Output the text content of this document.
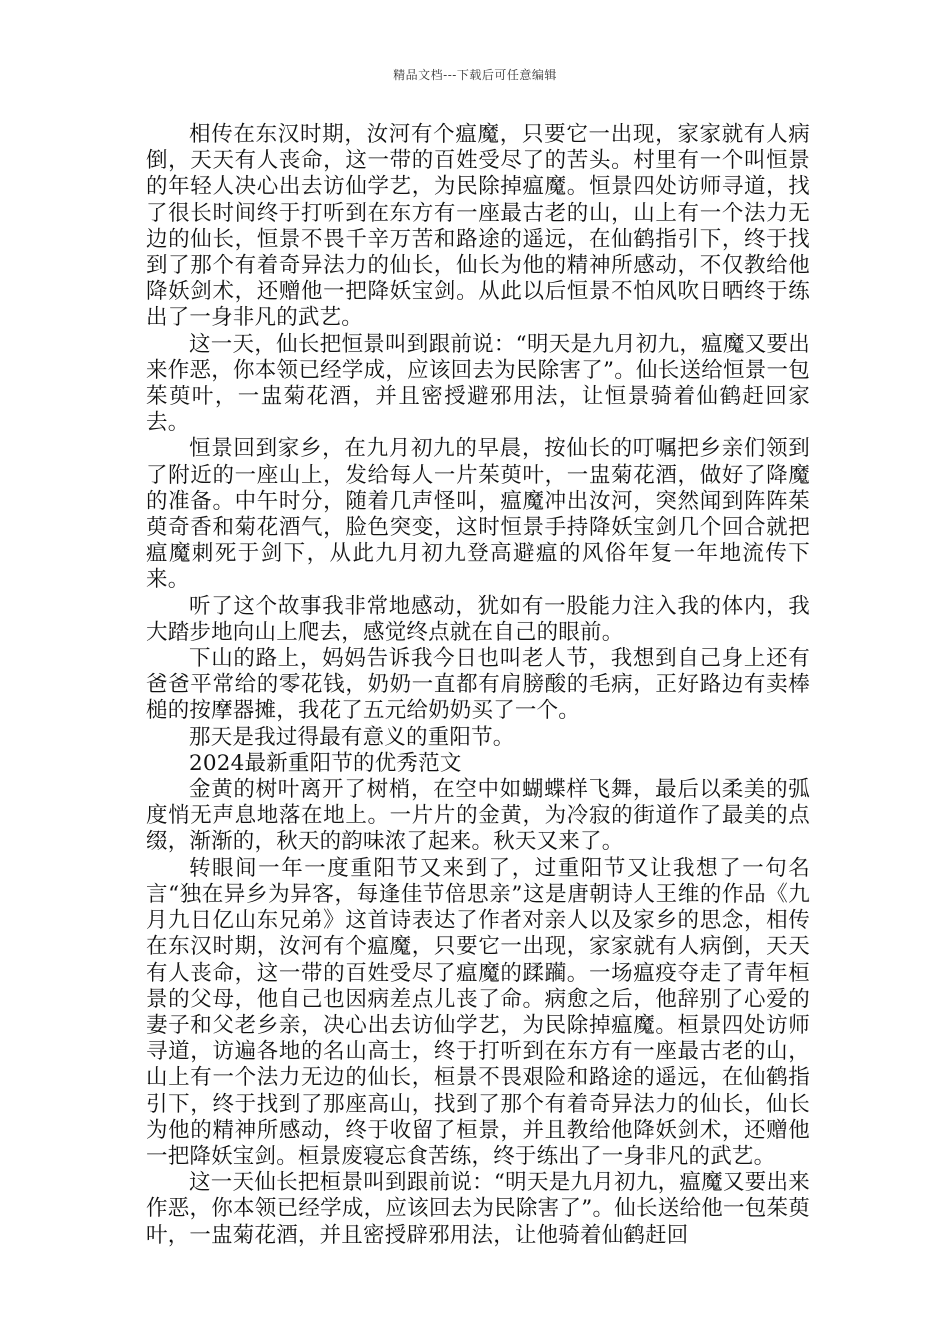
精品文档---下载后可任意编辑

相传在东汉时期，汝河有个瘟魔，只要它一出现，家家就有人病倒，天天有人丧命，这一带的百姓受尽了的苦头。村里有一个叫恒景的年轻人决心出去访仙学艺，为民除掉瘟魔。恒景四处访师寻道，找了很长时间终于打听到在东方有一座最古老的山，山上有一个法力无边的仙长，恒景不畏千辛万苦和路途的遥远，在仙鹤指引下，终于找到了那个有着奇异法力的仙长，仙长为他的精神所感动，不仅教给他降妖剑术，还赠他一把降妖宝剑。从此以后恒景不怕风吹日晒终于练出了一身非凡的武艺。

这一天，仙长把恒景叫到跟前说：“明天是九月初九，瘟魔又要出来作恶，你本领已经学成，应该回去为民除害了”。仙长送给恒景一包茱萸叶，一盅菊花酒，并且密授避邪用法，让恒景骑着仙鹤赶回家去。

恒景回到家乡，在九月初九的早晨，按仙长的叮嘱把乡亲们领到了附近的一座山上，发给每人一片茱萸叶，一盅菊花酒，做好了降魔的准备。中午时分，随着几声怪叫，瘟魔冲出汝河，突然闻到阵阵茱萸奇香和菊花酒气，脸色突变，这时恒景手持降妖宝剑几个回合就把瘟魔刺死于剑下，从此九月初九登高避瘟的风俗年复一年地流传下来。

听了这个故事我非常地感动，犹如有一股能力注入我的体内，我大踏步地向山上爬去，感觉终点就在自己的眼前。

下山的路上，妈妈告诉我今日也叫老人节，我想到自己身上还有爸爸平常给的零花钱，奶奶一直都有肩膀酸的毛病，正好路边有卖棒槌的按摩器摊，我花了五元给奶奶买了一个。

那天是我过得最有意义的重阳节。

2024最新重阳节的优秀范文

金黄的树叶离开了树梢，在空中如蝴蝶样飞舞，最后以柔美的弧度悄无声息地落在地上。一片片的金黄，为冷寂的街道作了最美的点缀，渐渐的，秋天的韵味浓了起来。秋天又来了。

转眼间一年一度重阳节又来到了，过重阳节又让我想了一句名言“独在异乡为异客，每逢佳节倍思亲”这是唐朝诗人王维的作品《九月九日亿山东兄弟》这首诗表达了作者对亲人以及家乡的思念，相传在东汉时期，汝河有个瘟魔，只要它一出现，家家就有人病倒，天天有人丧命，这一带的百姓受尽了瘟魔的蹂躏。一场瘟疫夺走了青年桓景的父母，他自己也因病差点儿丧了命。病愈之后，他辞别了心爱的妻子和父老乡亲，决心出去访仙学艺，为民除掉瘟魔。桓景四处访师寻道，访遍各地的名山高士，终于打听到在东方有一座最古老的山，山上有一个法力无边的仙长，桓景不畏艰险和路途的遥远，在仙鹤指引下，终于找到了那座高山，找到了那个有着奇异法力的仙长，仙长为他的精神所感动，终于收留了桓景，并且教给他降妖剑术，还赠他一把降妖宝剑。桓景废寝忘食苦练，终于练出了一身非凡的武艺。

这一天仙长把桓景叫到跟前说：“明天是九月初九，瘟魔又要出来作恶，你本领已经学成，应该回去为民除害了”。仙长送给他一包茱萸叶，一盅菊花酒，并且密授辟邪用法，让他骑着仙鹤赶回
